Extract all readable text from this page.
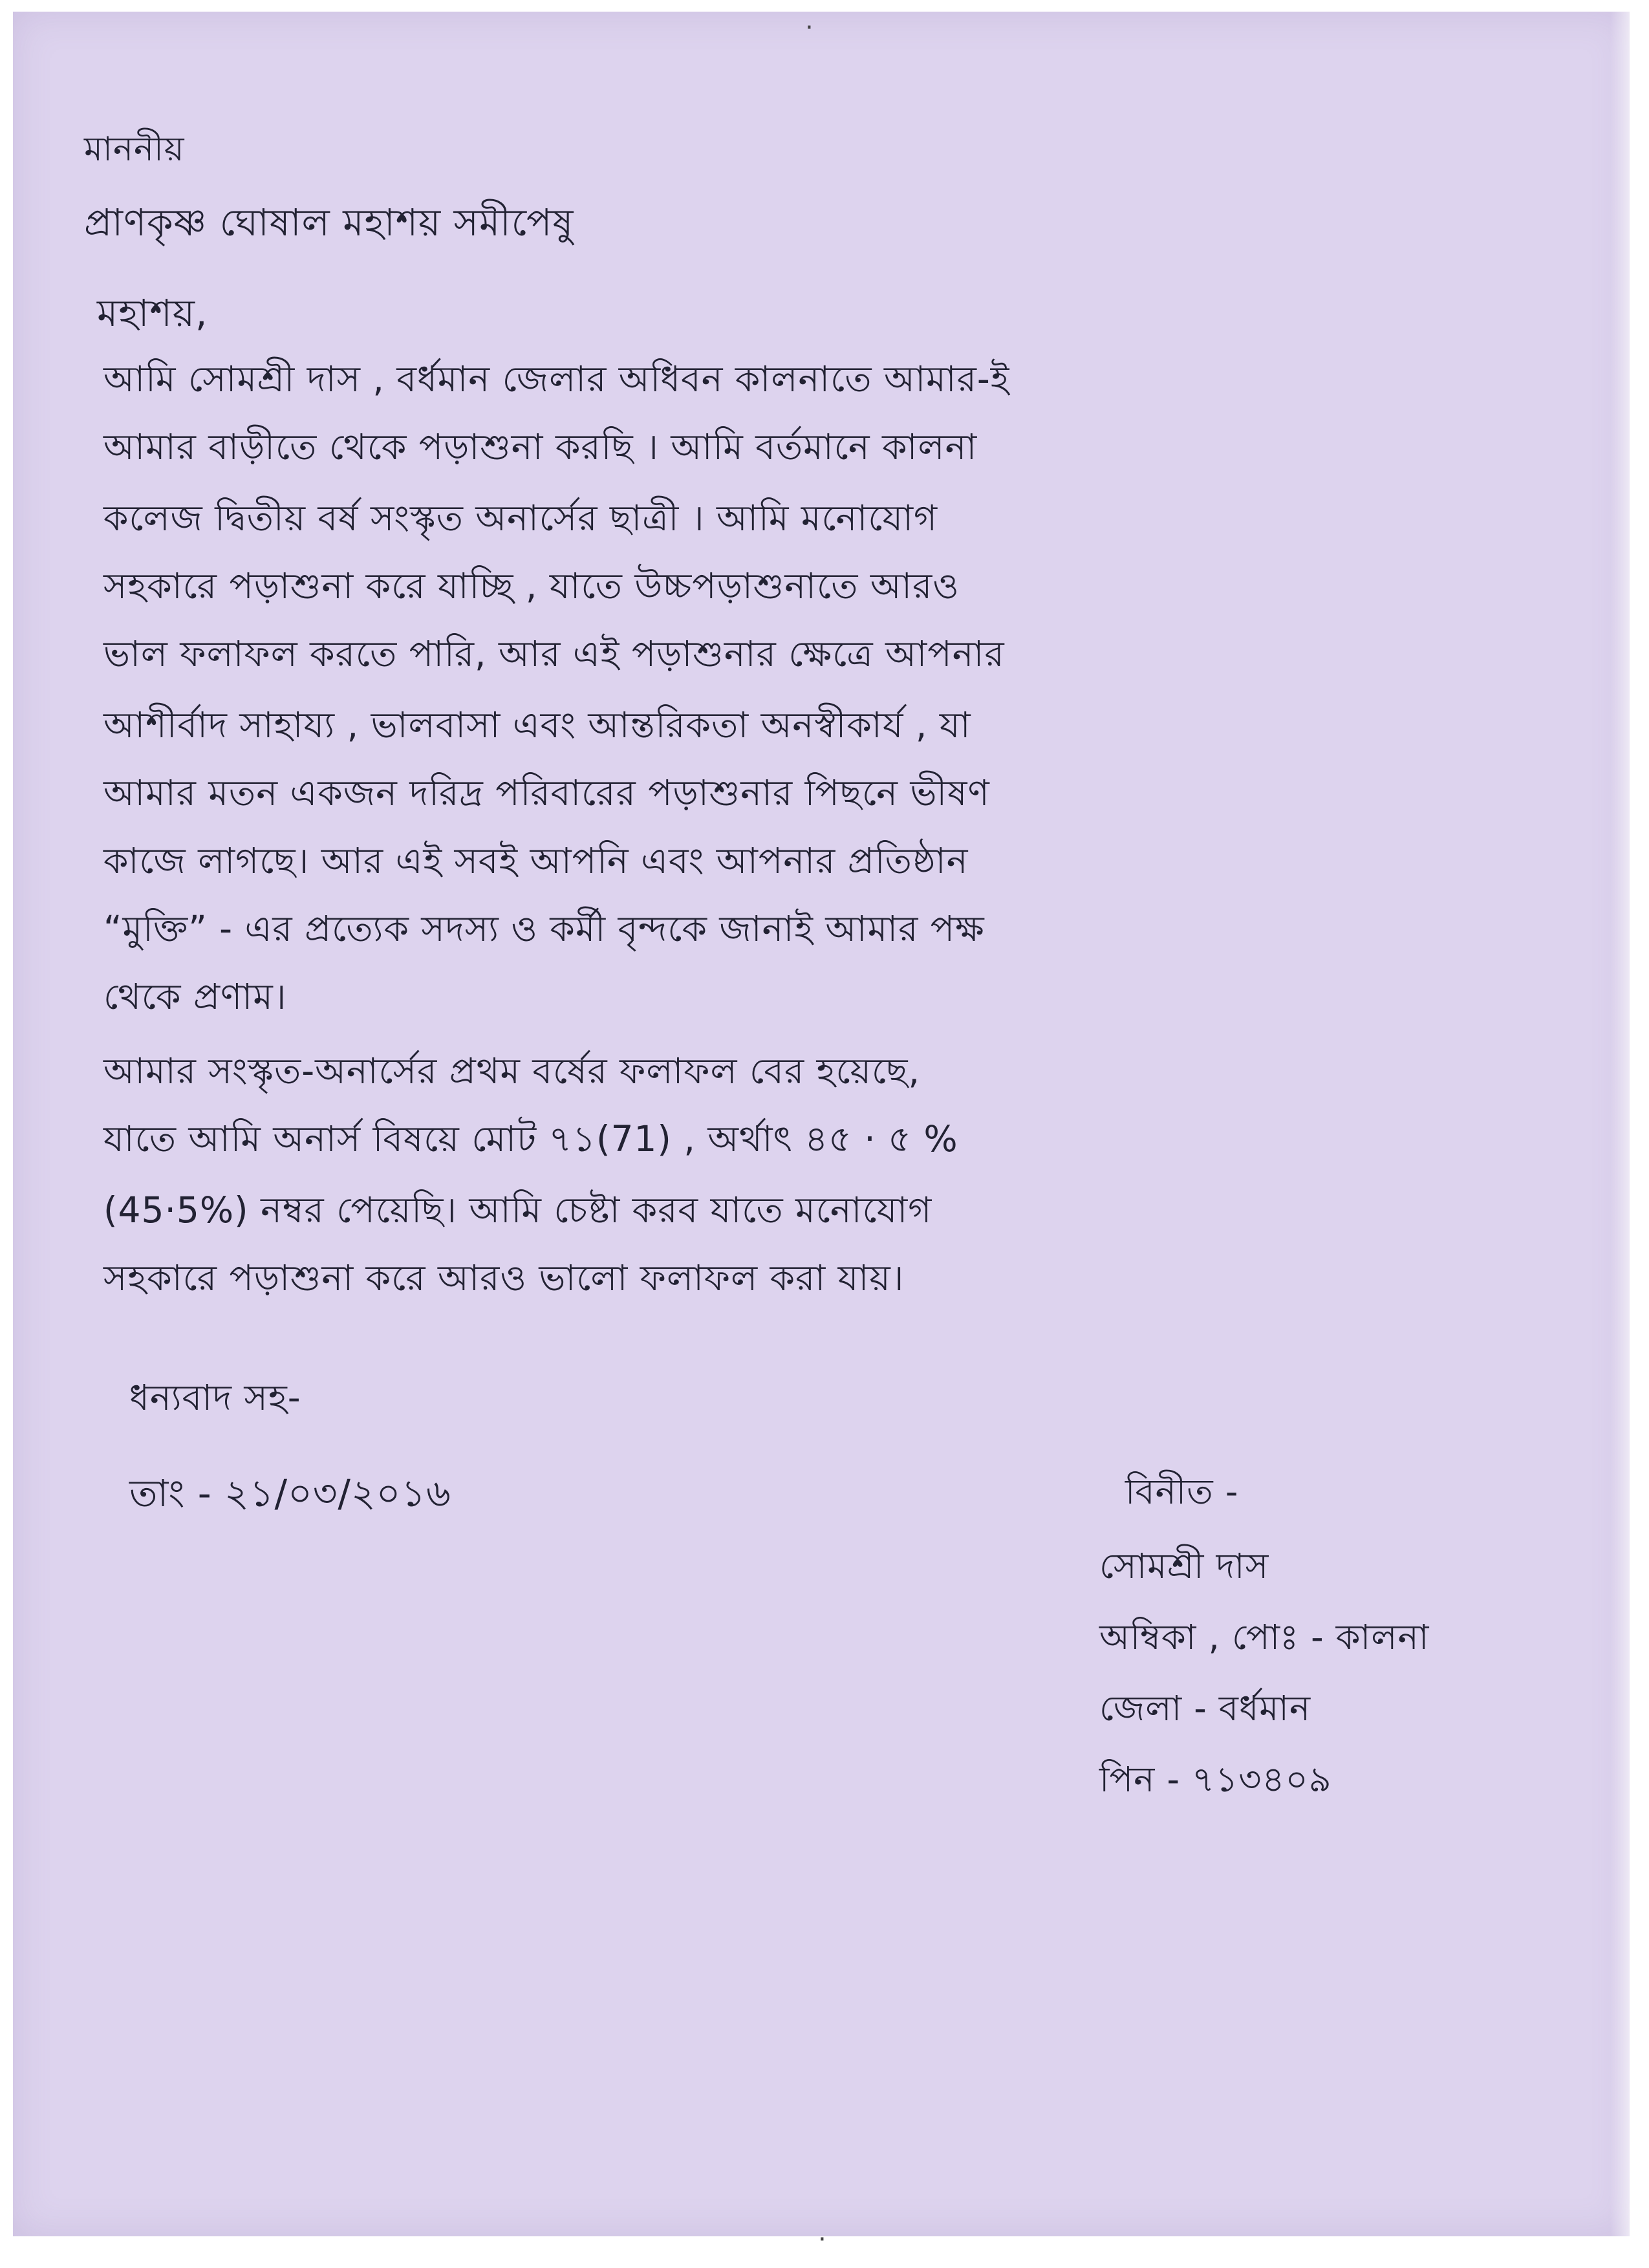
মাননীয়
প্রাণকৃষ্ণ ঘোষাল মহাশয় সমীপেষু
মহাশয়,
আমি সোমশ্রী দাস , বর্ধমান জেলার অধিবন কালনাতে আমার-ই
আমার বাড়ীতে থেকে পড়াশুনা করছি । আমি বর্তমানে কালনা
কলেজ দ্বিতীয় বর্ষ সংস্কৃত অনার্সের ছাত্রী । আমি মনোযোগ
সহকারে পড়াশুনা করে যাচ্ছি , যাতে উচ্চপড়াশুনাতে আরও
ভাল ফলাফল করতে পারি, আর এই পড়াশুনার ক্ষেত্রে আপনার
আশীর্বাদ সাহায্য , ভালবাসা এবং আন্তরিকতা অনস্বীকার্য , যা
আমার মতন একজন দরিদ্র পরিবারের পড়াশুনার পিছনে ভীষণ
কাজে লাগছে। আর এই সবই আপনি এবং আপনার প্রতিষ্ঠান
“মুক্তি” - এর প্রত্যেক সদস্য ও কর্মী বৃন্দকে জানাই আমার পক্ষ
থেকে প্রণাম।
আমার সংস্কৃত-অনার্সের প্রথম বর্ষের ফলাফল বের হয়েছে,
যাতে আমি অনার্স বিষয়ে মোট ৭১(71) , অর্থাৎ ৪৫ · ৫ %
(45·5%) নম্বর পেয়েছি। আমি চেষ্টা করব যাতে মনোযোগ
সহকারে পড়াশুনা করে আরও ভালো ফলাফল করা যায়।
ধন্যবাদ সহ-
তাং - ২১/০৩/২০১৬	বিনীত -
সোমশ্রী দাস
অম্বিকা , পোঃ - কালনা
জেলা - বর্ধমান
পিন - ৭১৩৪০৯
·
·
